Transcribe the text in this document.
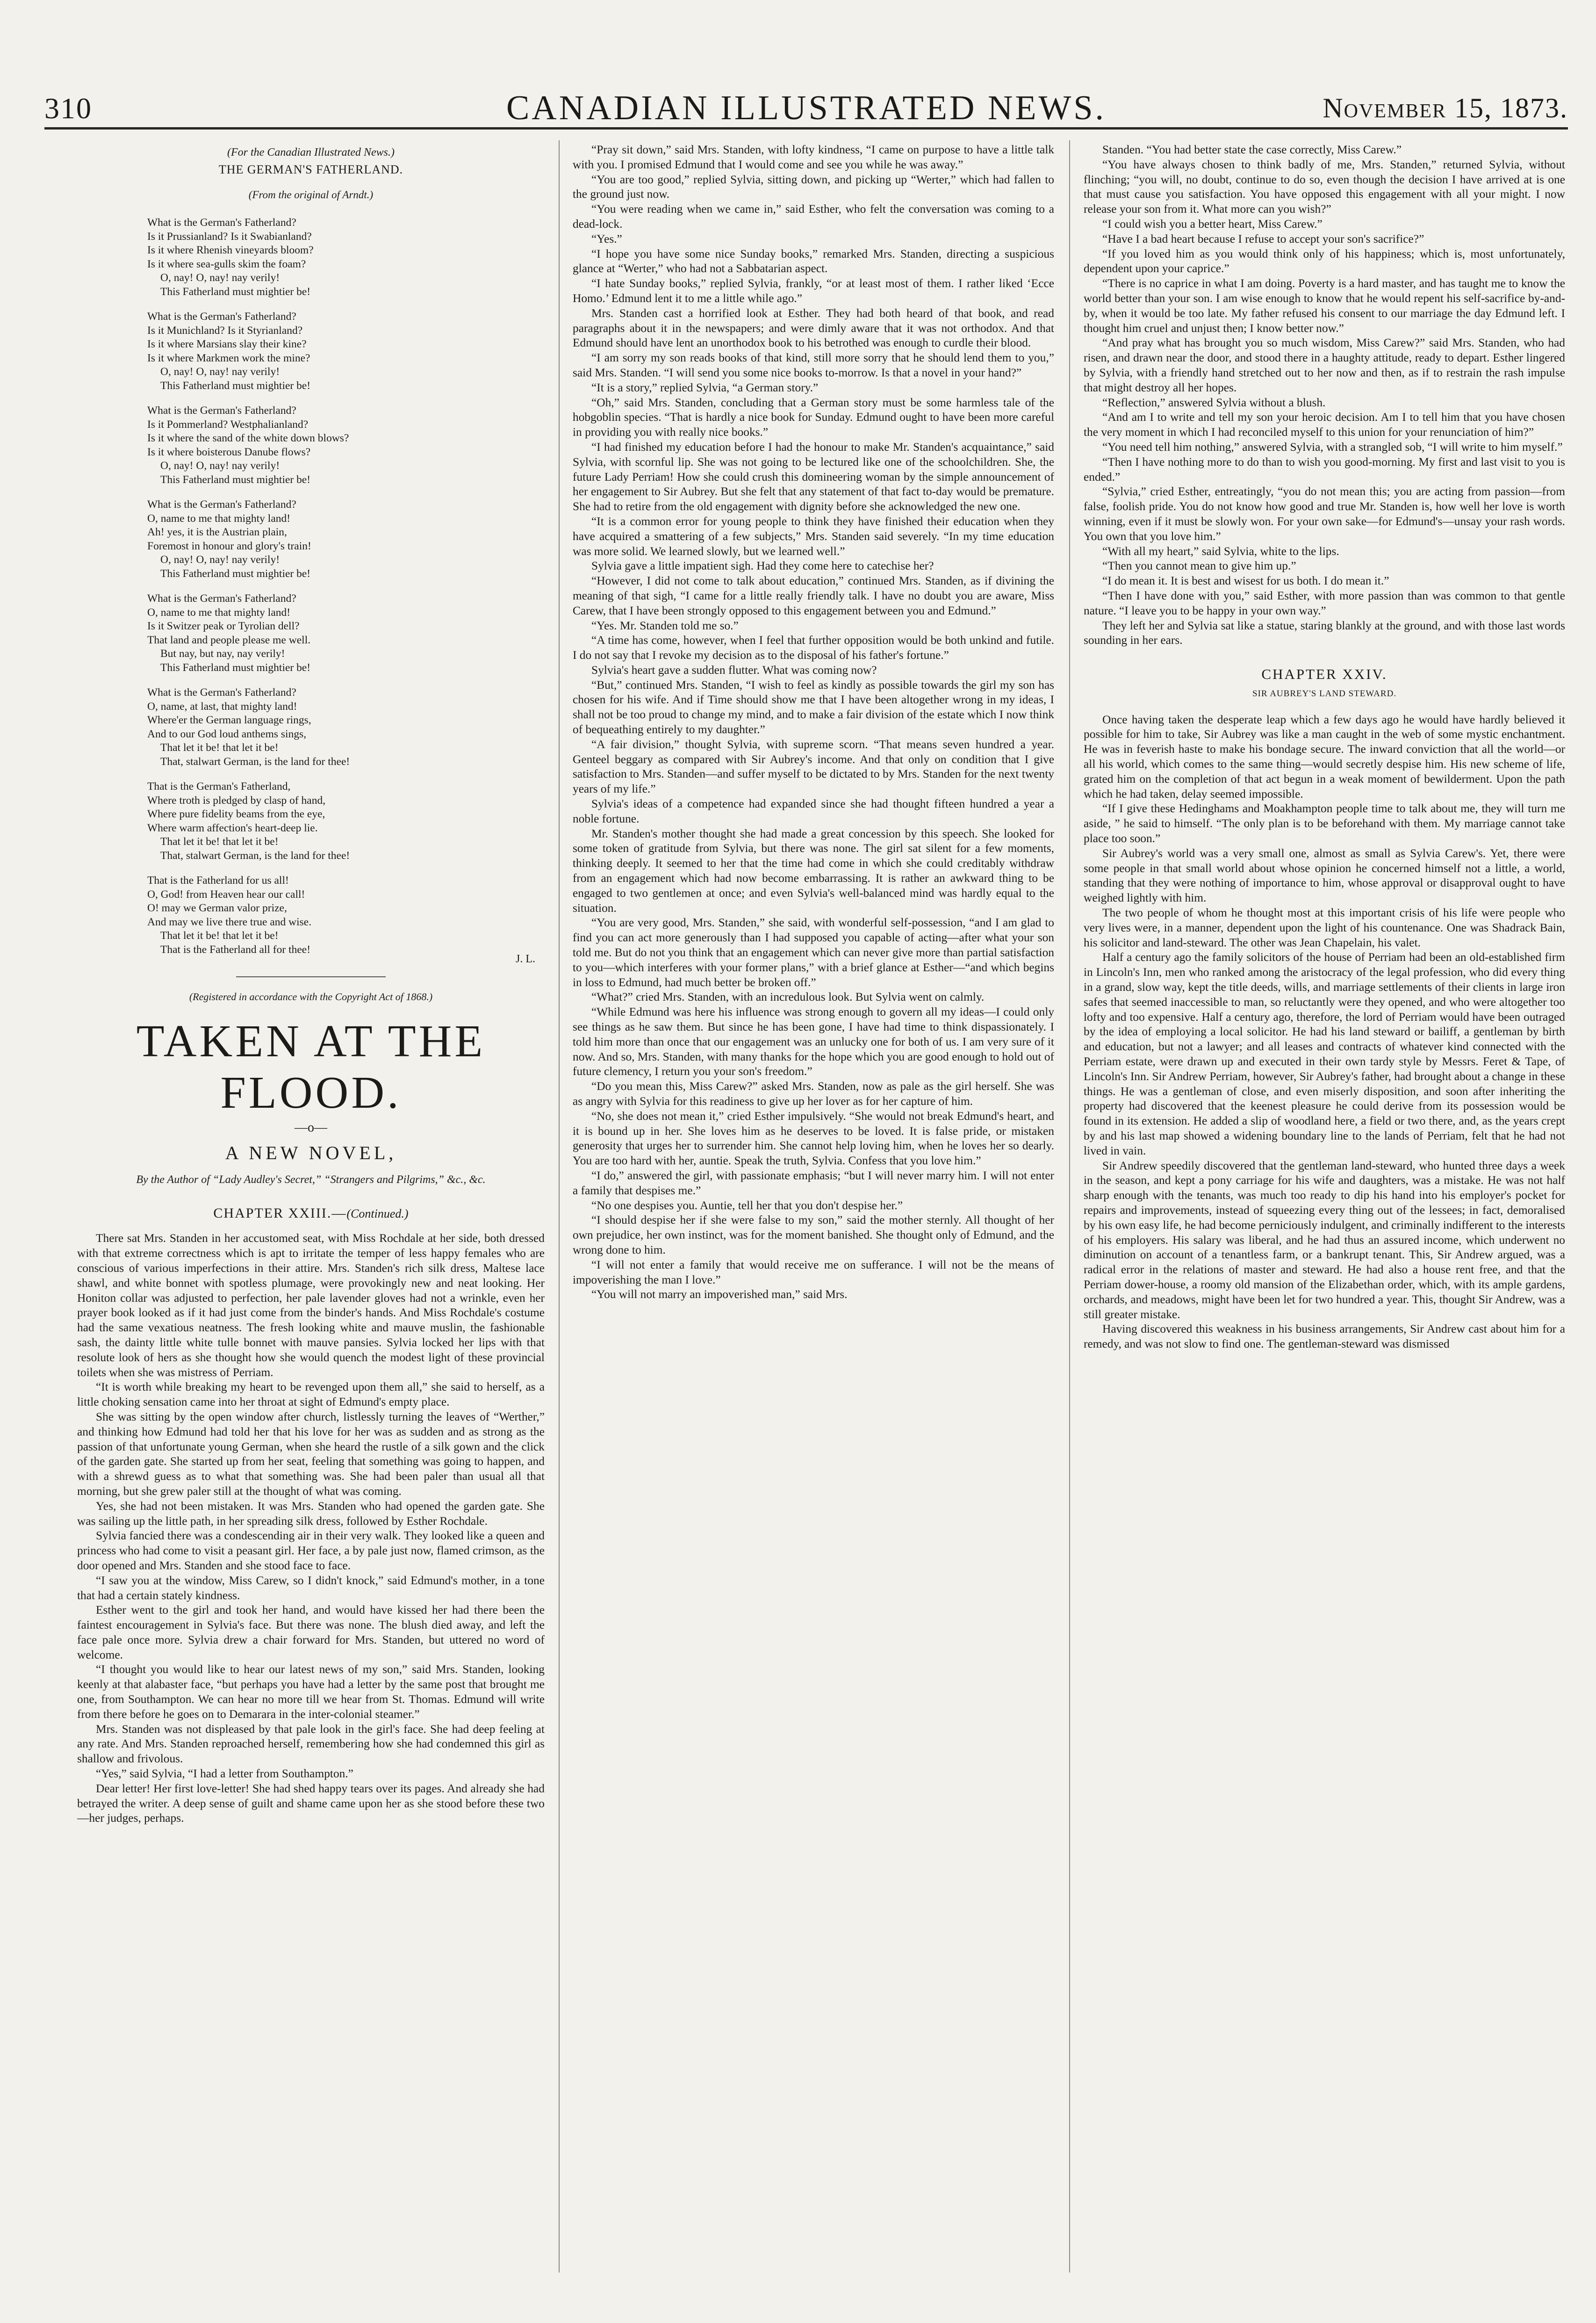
310	CANADIAN ILLUSTRATED NEWS.	November 15, 1873.
(For the Canadian Illustrated News.)
THE GERMAN'S FATHERLAND.
(From the original of Arndt.)
What is the German's Fatherland?
Is it Prussianland? Is it Swabianland?
Is it where Rhenish vineyards bloom?
Is it where sea-gulls skim the foam?
O, nay! O, nay! nay verily!
This Fatherland must mightier be!
What is the German's Fatherland?
Is it Munichland? Is it Styrianland?
Is it where Marsians slay their kine?
Is it where Markmen work the mine?
O, nay! O, nay! nay verily!
This Fatherland must mightier be!
What is the German's Fatherland?
Is it Pommerland? Westphalianland?
Is it where the sand of the white down blows?
Is it where boisterous Danube flows?
O, nay! O, nay! nay verily!
This Fatherland must mightier be!
What is the German's Fatherland?
O, name to me that mighty land!
Ah! yes, it is the Austrian plain,
Foremost in honour and glory's train!
O, nay! O, nay! nay verily!
This Fatherland must mightier be!
What is the German's Fatherland?
O, name to me that mighty land!
Is it Switzer peak or Tyrolian dell?
That land and people please me well.
But nay, but nay, nay verily!
This Fatherland must mightier be!
What is the German's Fatherland?
O, name, at last, that mighty land!
Where'er the German language rings,
And to our God loud anthems sings,
That let it be! that let it be!
That, stalwart German, is the land for thee!
That is the German's Fatherland,
Where troth is pledged by clasp of hand,
Where pure fidelity beams from the eye,
Where warm affection's heart-deep lie.
That let it be! that let it be!
That, stalwart German, is the land for thee!
That is the Fatherland for us all!
O, God! from Heaven hear our call!
O! may we German valor prize,
And may we live there true and wise.
That let it be! that let it be!
That is the Fatherland all for thee!
J. L.
(Registered in accordance with the Copyright Act of 1868.)
TAKEN AT THE FLOOD.
—o—
A NEW NOVEL,
By the Author of “Lady Audley's Secret,” “Strangers and Pilgrims,” &c., &c.
CHAPTER XXIII.—(Continued.)

There sat Mrs. Standen in her accustomed seat, with Miss Rochdale at her side, both dressed with that extreme correctness which is apt to irritate the temper of less happy females who are conscious of various imperfections in their attire. Mrs. Standen's rich silk dress, Maltese lace shawl, and white bonnet with spotless plumage, were provokingly new and neat looking. Her Honiton collar was adjusted to perfection, her pale lavender gloves had not a wrinkle, even her prayer book looked as if it had just come from the binder's hands. And Miss Rochdale's costume had the same vexatious neatness. The fresh looking white and mauve muslin, the fashionable sash, the dainty little white tulle bonnet with mauve pansies. Sylvia locked her lips with that resolute look of hers as she thought how she would quench the modest light of these provincial toilets when she was mistress of Perriam.

“It is worth while breaking my heart to be revenged upon them all,” she said to herself, as a little choking sensation came into her throat at sight of Edmund's empty place.

She was sitting by the open window after church, listlessly turning the leaves of “Werther,” and thinking how Edmund had told her that his love for her was as sudden and as strong as the passion of that unfortunate young German, when she heard the rustle of a silk gown and the click of the garden gate. She started up from her seat, feeling that something was going to happen, and with a shrewd guess as to what that something was. She had been paler than usual all that morning, but she grew paler still at the thought of what was coming.

Yes, she had not been mistaken. It was Mrs. Standen who had opened the garden gate. She was sailing up the little path, in her spreading silk dress, followed by Esther Rochdale.

Sylvia fancied there was a condescending air in their very walk. They looked like a queen and princess who had come to visit a peasant girl. Her face, a by pale just now, flamed crimson, as the door opened and Mrs. Standen and she stood face to face.

“I saw you at the window, Miss Carew, so I didn't knock,” said Edmund's mother, in a tone that had a certain stately kindness.

Esther went to the girl and took her hand, and would have kissed her had there been the faintest encouragement in Sylvia's face. But there was none. The blush died away, and left the face pale once more. Sylvia drew a chair forward for Mrs. Standen, but uttered no word of welcome.

“I thought you would like to hear our latest news of my son,” said Mrs. Standen, looking keenly at that alabaster face, “but perhaps you have had a letter by the same post that brought me one, from Southampton. We can hear no more till we hear from St. Thomas. Edmund will write from there before he goes on to Demarara in the inter-colonial steamer.”

Mrs. Standen was not displeased by that pale look in the girl's face. She had deep feeling at any rate. And Mrs. Standen reproached herself, remembering how she had condemned this girl as shallow and frivolous.

“Yes,” said Sylvia, “I had a letter from Southampton.”

Dear letter! Her first love-letter! She had shed happy tears over its pages. And already she had betrayed the writer. A deep sense of guilt and shame came upon her as she stood before these two—her judges, perhaps.

“Pray sit down,” said Mrs. Standen, with lofty kindness, “I came on purpose to have a little talk with you. I promised Edmund that I would come and see you while he was away.”

“You are too good,” replied Sylvia, sitting down, and picking up “Werter,” which had fallen to the ground just now.

“You were reading when we came in,” said Esther, who felt the conversation was coming to a dead-lock.

“Yes.”

“I hope you have some nice Sunday books,” remarked Mrs. Standen, directing a suspicious glance at “Werter,” who had not a Sabbatarian aspect.

“I hate Sunday books,” replied Sylvia, frankly, “or at least most of them. I rather liked ‘Ecce Homo.’ Edmund lent it to me a little while ago.”

Mrs. Standen cast a horrified look at Esther. They had both heard of that book, and read paragraphs about it in the newspapers; and were dimly aware that it was not orthodox. And that Edmund should have lent an unorthodox book to his betrothed was enough to curdle their blood.

“I am sorry my son reads books of that kind, still more sorry that he should lend them to you,” said Mrs. Standen. “I will send you some nice books to-morrow. Is that a novel in your hand?”

“It is a story,” replied Sylvia, “a German story.”

“Oh,” said Mrs. Standen, concluding that a German story must be some harmless tale of the hobgoblin species. “That is hardly a nice book for Sunday. Edmund ought to have been more careful in providing you with really nice books.”

“I had finished my education before I had the honour to make Mr. Standen's acquaintance,” said Sylvia, with scornful lip. She was not going to be lectured like one of the schoolchildren. She, the future Lady Perriam! How she could crush this domineering woman by the simple announcement of her engagement to Sir Aubrey. But she felt that any statement of that fact to-day would be premature. She had to retire from the old engagement with dignity before she acknowledged the new one.

“It is a common error for young people to think they have finished their education when they have acquired a smattering of a few subjects,” Mrs. Standen said severely. “In my time education was more solid. We learned slowly, but we learned well.”

Sylvia gave a little impatient sigh. Had they come here to catechise her?

“However, I did not come to talk about education,” continued Mrs. Standen, as if divining the meaning of that sigh, “I came for a little really friendly talk. I have no doubt you are aware, Miss Carew, that I have been strongly opposed to this engagement between you and Edmund.”

“Yes. Mr. Standen told me so.”

“A time has come, however, when I feel that further opposition would be both unkind and futile. I do not say that I revoke my decision as to the disposal of his father's fortune.”

Sylvia's heart gave a sudden flutter. What was coming now?

“But,” continued Mrs. Standen, “I wish to feel as kindly as possible towards the girl my son has chosen for his wife. And if Time should show me that I have been altogether wrong in my ideas, I shall not be too proud to change my mind, and to make a fair division of the estate which I now think of bequeathing entirely to my daughter.”

“A fair division,” thought Sylvia, with supreme scorn. “That means seven hundred a year. Genteel beggary as compared with Sir Aubrey's income. And that only on condition that I give satisfaction to Mrs. Standen—and suffer myself to be dictated to by Mrs. Standen for the next twenty years of my life.”

Sylvia's ideas of a competence had expanded since she had thought fifteen hundred a year a noble fortune.

Mr. Standen's mother thought she had made a great concession by this speech. She looked for some token of gratitude from Sylvia, but there was none. The girl sat silent for a few moments, thinking deeply. It seemed to her that the time had come in which she could creditably withdraw from an engagement which had now become embarrassing. It is rather an awkward thing to be engaged to two gentlemen at once; and even Sylvia's well-balanced mind was hardly equal to the situation.

“You are very good, Mrs. Standen,” she said, with wonderful self-possession, “and I am glad to find you can act more generously than I had supposed you capable of acting—after what your son told me. But do not you think that an engagement which can never give more than partial satisfaction to you—which interferes with your former plans,” with a brief glance at Esther—“and which begins in loss to Edmund, had much better be broken off.”

“What?” cried Mrs. Standen, with an incredulous look. But Sylvia went on calmly.

“While Edmund was here his influence was strong enough to govern all my ideas—I could only see things as he saw them. But since he has been gone, I have had time to think dispassionately. I told him more than once that our engagement was an unlucky one for both of us. I am very sure of it now. And so, Mrs. Standen, with many thanks for the hope which you are good enough to hold out of future clemency, I return you your son's freedom.”

“Do you mean this, Miss Carew?” asked Mrs. Standen, now as pale as the girl herself. She was as angry with Sylvia for this readiness to give up her lover as for her capture of him.

“No, she does not mean it,” cried Esther impulsively. “She would not break Edmund's heart, and it is bound up in her. She loves him as he deserves to be loved. It is false pride, or mistaken generosity that urges her to surrender him. She cannot help loving him, when he loves her so dearly. You are too hard with her, auntie. Speak the truth, Sylvia. Confess that you love him.”

“I do,” answered the girl, with passionate emphasis; “but I will never marry him. I will not enter a family that despises me.”

“No one despises you. Auntie, tell her that you don't despise her.”

“I should despise her if she were false to my son,” said the mother sternly. All thought of her own prejudice, her own instinct, was for the moment banished. She thought only of Edmund, and the wrong done to him.

“I will not enter a family that would receive me on sufferance. I will not be the means of impoverishing the man I love.”

“You will not marry an impoverished man,” said Mrs.

Standen. “You had better state the case correctly, Miss Carew.”

“You have always chosen to think badly of me, Mrs. Standen,” returned Sylvia, without flinching; “you will, no doubt, continue to do so, even though the decision I have arrived at is one that must cause you satisfaction. You have opposed this engagement with all your might. I now release your son from it. What more can you wish?”

“I could wish you a better heart, Miss Carew.”

“Have I a bad heart because I refuse to accept your son's sacrifice?”

“If you loved him as you would think only of his happiness; which is, most unfortunately, dependent upon your caprice.”

“There is no caprice in what I am doing. Poverty is a hard master, and has taught me to know the world better than your son. I am wise enough to know that he would repent his self-sacrifice by-and-by, when it would be too late. My father refused his consent to our marriage the day Edmund left. I thought him cruel and unjust then; I know better now.”

“And pray what has brought you so much wisdom, Miss Carew?” said Mrs. Standen, who had risen, and drawn near the door, and stood there in a haughty attitude, ready to depart. Esther lingered by Sylvia, with a friendly hand stretched out to her now and then, as if to restrain the rash impulse that might destroy all her hopes.

“Reflection,” answered Sylvia without a blush.

“And am I to write and tell my son your heroic decision. Am I to tell him that you have chosen the very moment in which I had reconciled myself to this union for your renunciation of him?”

“You need tell him nothing,” answered Sylvia, with a strangled sob, “I will write to him myself.”

“Then I have nothing more to do than to wish you good-morning. My first and last visit to you is ended.”

“Sylvia,” cried Esther, entreatingly, “you do not mean this; you are acting from passion—from false, foolish pride. You do not know how good and true Mr. Standen is, how well her love is worth winning, even if it must be slowly won. For your own sake—for Edmund's—unsay your rash words. You own that you love him.”

“With all my heart,” said Sylvia, white to the lips.

“Then you cannot mean to give him up.”

“I do mean it. It is best and wisest for us both. I do mean it.”

“Then I have done with you,” said Esther, with more passion than was common to that gentle nature. “I leave you to be happy in your own way.”

They left her and Sylvia sat like a statue, staring blankly at the ground, and with those last words sounding in her ears.

CHAPTER XXIV.
SIR AUBREY'S LAND STEWARD.

Once having taken the desperate leap which a few days ago he would have hardly believed it possible for him to take, Sir Aubrey was like a man caught in the web of some mystic enchantment. He was in feverish haste to make his bondage secure. The inward conviction that all the world—or all his world, which comes to the same thing—would secretly despise him. His new scheme of life, grated him on the completion of that act begun in a weak moment of bewilderment. Upon the path which he had taken, delay seemed impossible.

“If I give these Hedinghams and Moakhampton people time to talk about me, they will turn me aside, ” he said to himself. “The only plan is to be beforehand with them. My marriage cannot take place too soon.”

Sir Aubrey's world was a very small one, almost as small as Sylvia Carew's. Yet, there were some people in that small world about whose opinion he concerned himself not a little, a world, standing that they were nothing of importance to him, whose approval or disapproval ought to have weighed lightly with him.

The two people of whom he thought most at this important crisis of his life were people who very lives were, in a manner, dependent upon the light of his countenance. One was Shadrack Bain, his solicitor and land-steward. The other was Jean Chapelain, his valet.

Half a century ago the family solicitors of the house of Perriam had been an old-established firm in Lincoln's Inn, men who ranked among the aristocracy of the legal profession, who did every thing in a grand, slow way, kept the title deeds, wills, and marriage settlements of their clients in large iron safes that seemed inaccessible to man, so reluctantly were they opened, and who were altogether too lofty and too expensive. Half a century ago, therefore, the lord of Perriam would have been outraged by the idea of employing a local solicitor. He had his land steward or bailiff, a gentleman by birth and education, but not a lawyer; and all leases and contracts of whatever kind connected with the Perriam estate, were drawn up and executed in their own tardy style by Messrs. Feret & Tape, of Lincoln's Inn. Sir Andrew Perriam, however, Sir Aubrey's father, had brought about a change in these things. He was a gentleman of close, and even miserly disposition, and soon after inheriting the property had discovered that the keenest pleasure he could derive from its possession would be found in its extension. He added a slip of woodland here, a field or two there, and, as the years crept by and his last map showed a widening boundary line to the lands of Perriam, felt that he had not lived in vain.

Sir Andrew speedily discovered that the gentleman land-steward, who hunted three days a week in the season, and kept a pony carriage for his wife and daughters, was a mistake. He was not half sharp enough with the tenants, was much too ready to dip his hand into his employer's pocket for repairs and improvements, instead of squeezing every thing out of the lessees; in fact, demoralised by his own easy life, he had become perniciously indulgent, and criminally indifferent to the interests of his employers. His salary was liberal, and he had thus an assured income, which underwent no diminution on account of a tenantless farm, or a bankrupt tenant. This, Sir Andrew argued, was a radical error in the relations of master and steward. He had also a house rent free, and that the Perriam dower-house, a roomy old mansion of the Elizabethan order, which, with its ample gardens, orchards, and meadows, might have been let for two hundred a year. This, thought Sir Andrew, was a still greater mistake.

Having discovered this weakness in his business arrangements, Sir Andrew cast about him for a remedy, and was not slow to find one. The gentleman-steward was dismissed
